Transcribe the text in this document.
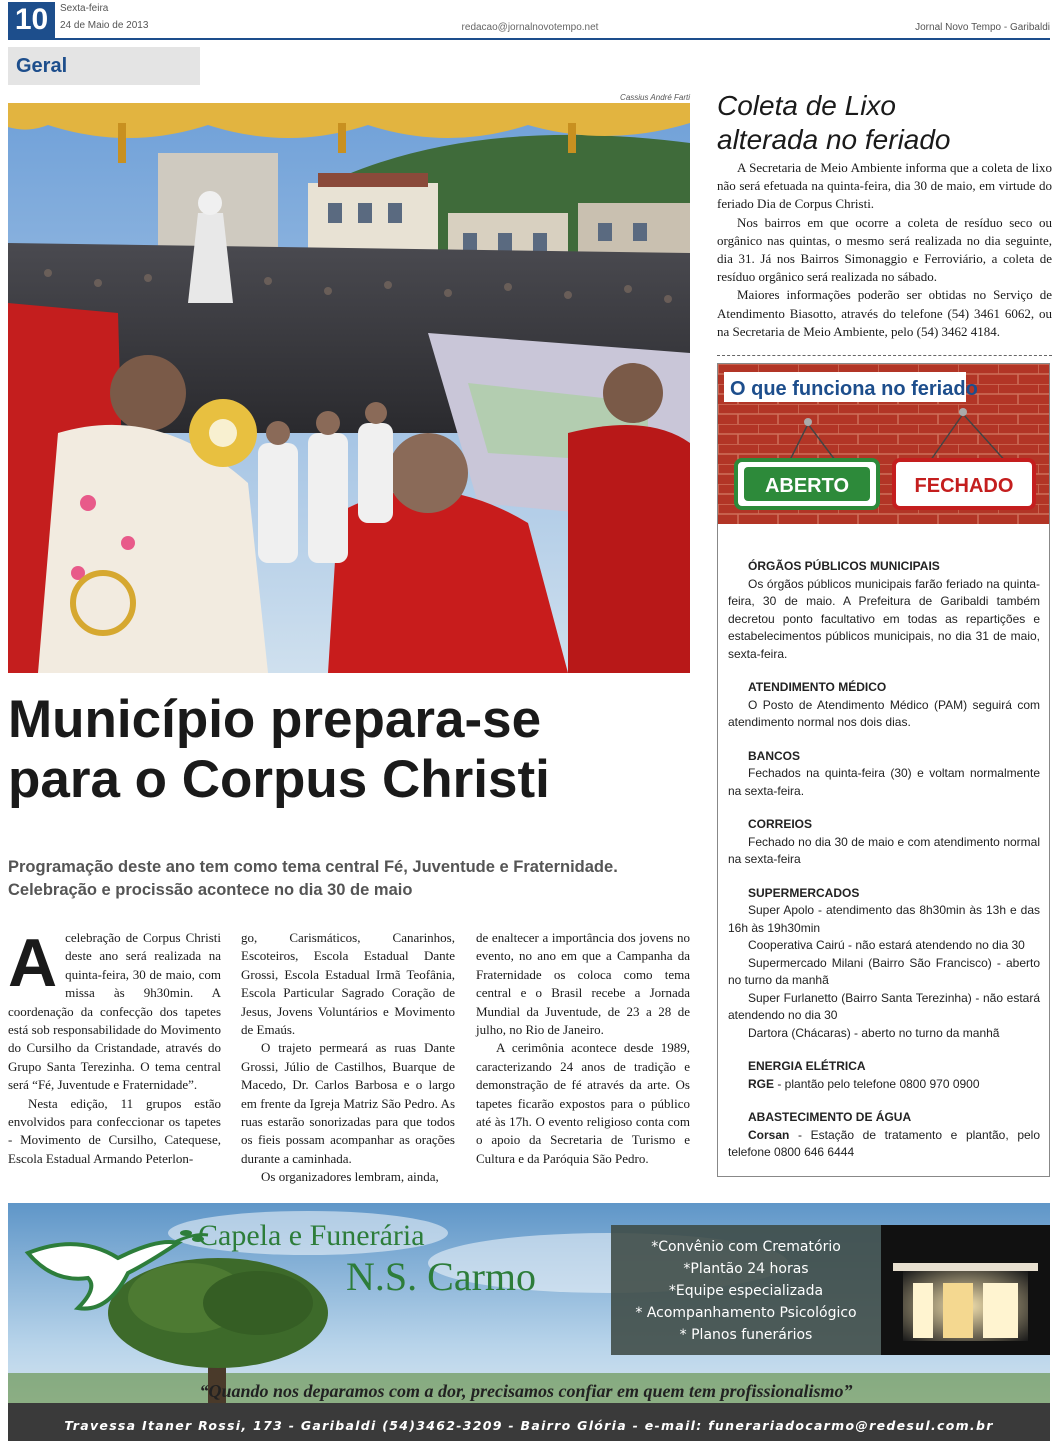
10	Sexta-feira
24 de Maio de 2013	redacao@jornalnovotempo.net	Jornal Novo Tempo - Garibaldi
Geral
Cassius André Farti
Município prepara-se
para o Corpus Christi
Programação deste ano tem como tema central Fé, Juventude e Fraternidade. Celebração e procissão acontece no dia 30 de maio
A celebração de Corpus Christi deste ano será realizada na quinta-feira, 30 de maio, com missa às 9h30min. A coordenação da confecção dos tapetes está sob responsabilidade do Movimento do Cursilho da Cristandade, através do Grupo Santa Terezinha. O tema central será “Fé, Juventude e Fraternidade”.

Nesta edição, 11 grupos estão envolvidos para confeccionar os tapetes - Movimento de Cursilho, Catequese, Escola Estadual Armando Peterlon-

go, Carismáticos, Canarinhos, Escoteiros, Escola Estadual Dante Grossi, Escola Estadual Irmã Teofânia, Escola Particular Sagrado Coração de Jesus, Jovens Voluntários e Movimento de Emaús.

O trajeto permeará as ruas Dante Grossi, Júlio de Castilhos, Buarque de Macedo, Dr. Carlos Barbosa e o largo em frente da Igreja Matriz São Pedro. As ruas estarão sonorizadas para que todos os fieis possam acompanhar as orações durante a caminhada.

Os organizadores lembram, ainda,

de enaltecer a importância dos jovens no evento, no ano em que a Campanha da Fraternidade os coloca como tema central e o Brasil recebe a Jornada Mundial da Juventude, de 23 a 28 de julho, no Rio de Janeiro.

A cerimônia acontece desde 1989, caracterizando 24 anos de tradição e demonstração de fé através da arte. Os tapetes ficarão expostos para o público até às 17h. O evento religioso conta com o apoio da Secretaria de Turismo e Cultura e da Paróquia São Pedro.

Coleta de Lixo
alterada no feriado

A Secretaria de Meio Ambiente informa que a coleta de lixo não será efetuada na quinta-feira, dia 30 de maio, em virtude do feriado Dia de Corpus Christi.

Nos bairros em que ocorre a coleta de resíduo seco ou orgânico nas quintas, o mesmo será realizada no dia seguinte, dia 31. Já nos Bairros Simonaggio e Ferroviário, a coleta de resíduo orgânico será realizada no sábado.

Maiores informações poderão ser obtidas no Serviço de Atendimento Biasotto, através do telefone (54) 3461 6062, ou na Secretaria de Meio Ambiente, pelo (54) 3462 4184.

O que funciona no feriado
ABERTO	FECHADO
ÓRGÃOS PÚBLICOS MUNICIPAIS
Os órgãos públicos municipais farão feriado na quinta-feira, 30 de maio. A Prefeitura de Garibaldi também decretou ponto facultativo em todas as repartições e estabelecimentos públicos municipais, no dia 31 de maio, sexta-feira.
ATENDIMENTO MÉDICO
O Posto de Atendimento Médico (PAM) seguirá com atendimento normal nos dois dias.
BANCOS
Fechados na quinta-feira (30) e voltam normalmente na sexta-feira.
CORREIOS
Fechado no dia 30 de maio e com atendimento normal na sexta-feira
SUPERMERCADOS
Super Apolo - atendimento das 8h30min às 13h e das 16h às 19h30min
Cooperativa Cairú - não estará atendendo no dia 30
Supermercado Milani (Bairro São Francisco) - aberto no turno da manhã
Super Furlanetto (Bairro Santa Terezinha) - não estará atendendo no dia 30
Dartora (Chácaras) - aberto no turno da manhã
ENERGIA ELÉTRICA
RGE - plantão pelo telefone 0800 970 0900
ABASTECIMENTO DE ÁGUA
Corsan - Estação de tratamento e plantão, pelo telefone 0800 646 6444
Capela e Funerária
N.S. Carmo
*Convênio com Crematório
*Plantão 24 horas
*Equipe especializada
* Acompanhamento Psicológico
* Planos funerários
“Quando nos deparamos com a dor, precisamos confiar em quem tem profissionalismo”
Travessa Itaner Rossi, 173 - Garibaldi (54)3462-3209 - Bairro Glória - e-mail: funerariadocarmo@redesul.com.br
